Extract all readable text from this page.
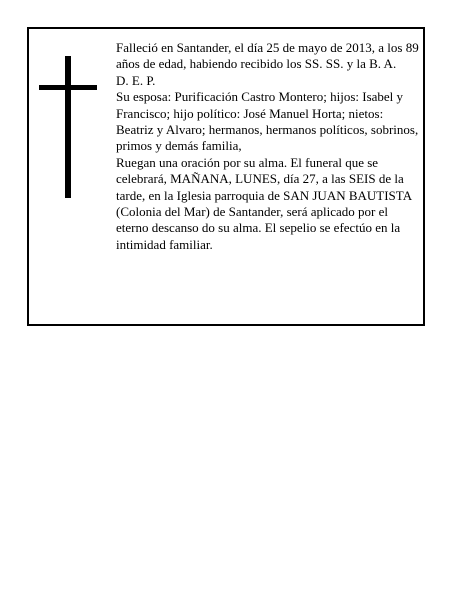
Falleció en Santander, el día 25 de mayo de 2013, a los 89 años de edad, habiendo recibido los SS. SS. y la B. A.

D. E. P.

Su esposa: Purificación Castro Montero; hijos: Isabel y Francisco; hijo político: José Manuel Horta; nietos: Beatriz y Alvaro; hermanos, hermanos políticos, sobrinos, primos y demás familia,

Ruegan una oración por su alma. El funeral que se celebrará, MAÑANA, LUNES, día 27, a las SEIS de la tarde, en la Iglesia parroquia de SAN JUAN BAUTISTA (Colonia del Mar) de Santander, será aplicado por el eterno descanso do su alma. El sepelio se efectúo en la intimidad familiar.
